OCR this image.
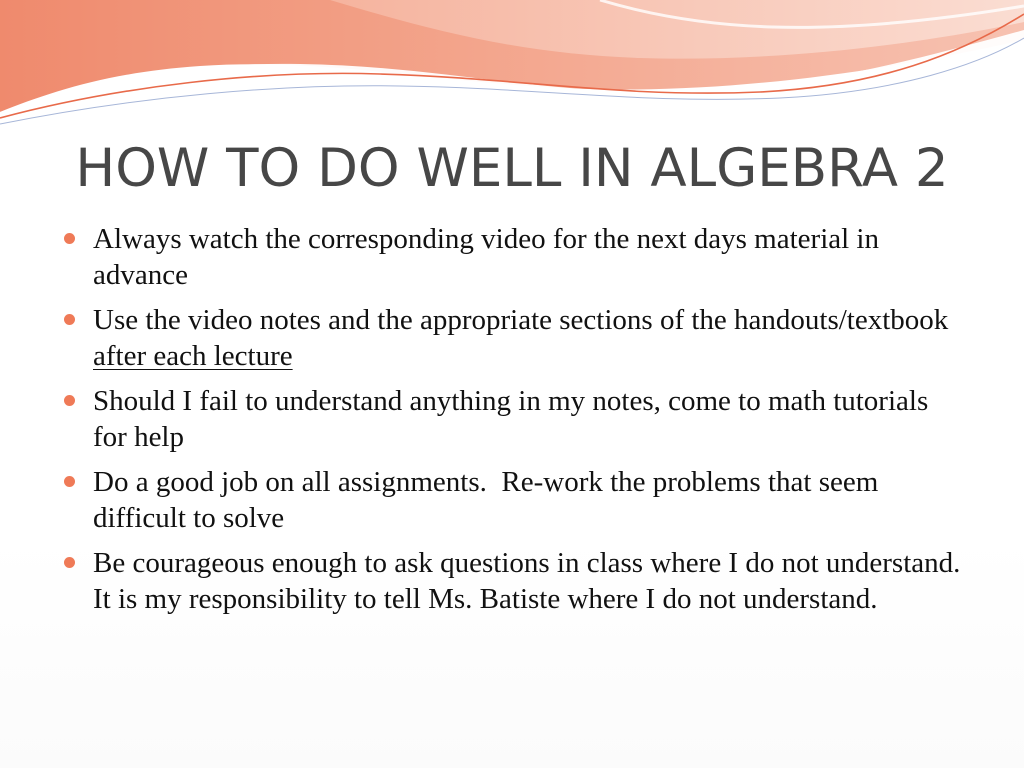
HOW TO DO WELL IN ALGEBRA 2
Always watch the corresponding video for the next days material in advance
Use the video notes and the appropriate sections of the handouts/textbook after each lecture
Should I fail to understand anything in my notes, come to math tutorials for help
Do a good job on all assignments.  Re-work the problems that seem difficult to solve
Be courageous enough to ask questions in class where I do not understand. It is my responsibility to tell Ms. Batiste where I do not understand.
